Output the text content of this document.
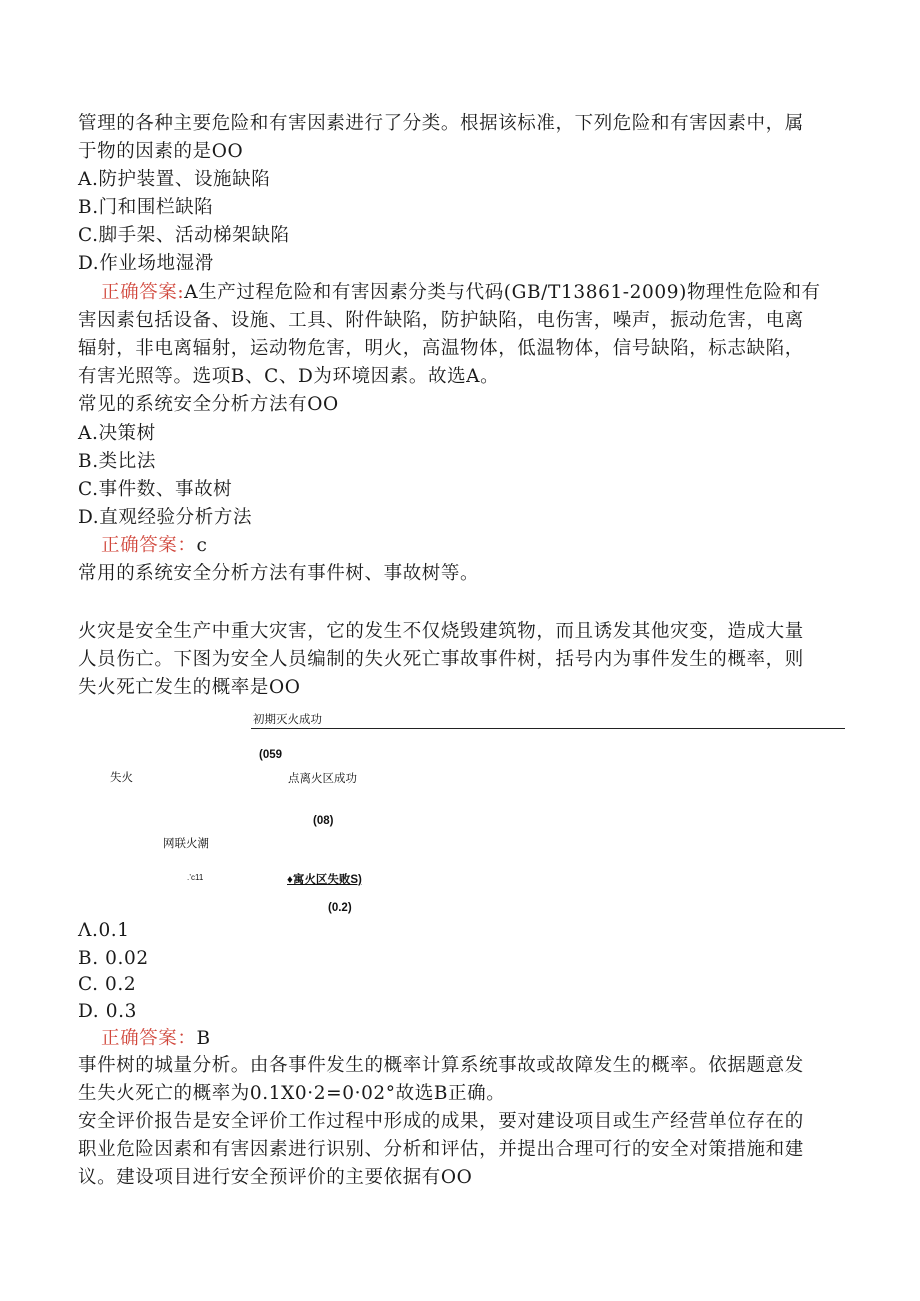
管理的各种主要危险和有害因素进行了分类。根据该标准，下列危险和有害因素中，属
于物的因素的是OO
A.防护装置、设施缺陷
B.门和围栏缺陷
C.脚手架、活动梯架缺陷
D.作业场地湿滑
正确答案:A生产过程危险和有害因素分类与代码(GB/T13861-2009)物理性危险和有
害因素包括设备、设施、工具、附件缺陷，防护缺陷，电伤害，噪声，振动危害，电离
辐射，非电离辐射，运动物危害，明火，高温物体，低温物体，信号缺陷，标志缺陷，
有害光照等。选项B、C、D为环境因素。故选A。
常见的系统安全分析方法有OO
A.决策树
B.类比法
C.事件数、事故树
D.直观经验分析方法
正确答案：c
常用的系统安全分析方法有事件树、事故树等。
火灾是安全生产中重大灾害，它的发生不仅烧毁建筑物，而且诱发其他灾变，造成大量
人员伤亡。下图为安全人员编制的失火死亡事故事件树，括号内为事件发生的概率，则
失火死亡发生的概率是OO
初期灭火成功
(059
失火	点离火区成功
(08)
网联火潮
.’c11	♦寓火区失败S)
(0.2)
Λ.0.1
B. 0.02
C. 0.2
D. 0.3
正确答案：B
事件树的城量分析。由各事件发生的概率计算系统事故或故障发生的概率。依据题意发
生失火死亡的概率为0.1X0·2=0·02°故选B正确。
安全评价报告是安全评价工作过程中形成的成果，要对建设项目或生产经营单位存在的
职业危险因素和有害因素进行识别、分析和评估，并提出合理可行的安全对策措施和建
议。建设项目进行安全预评价的主要依据有OO
